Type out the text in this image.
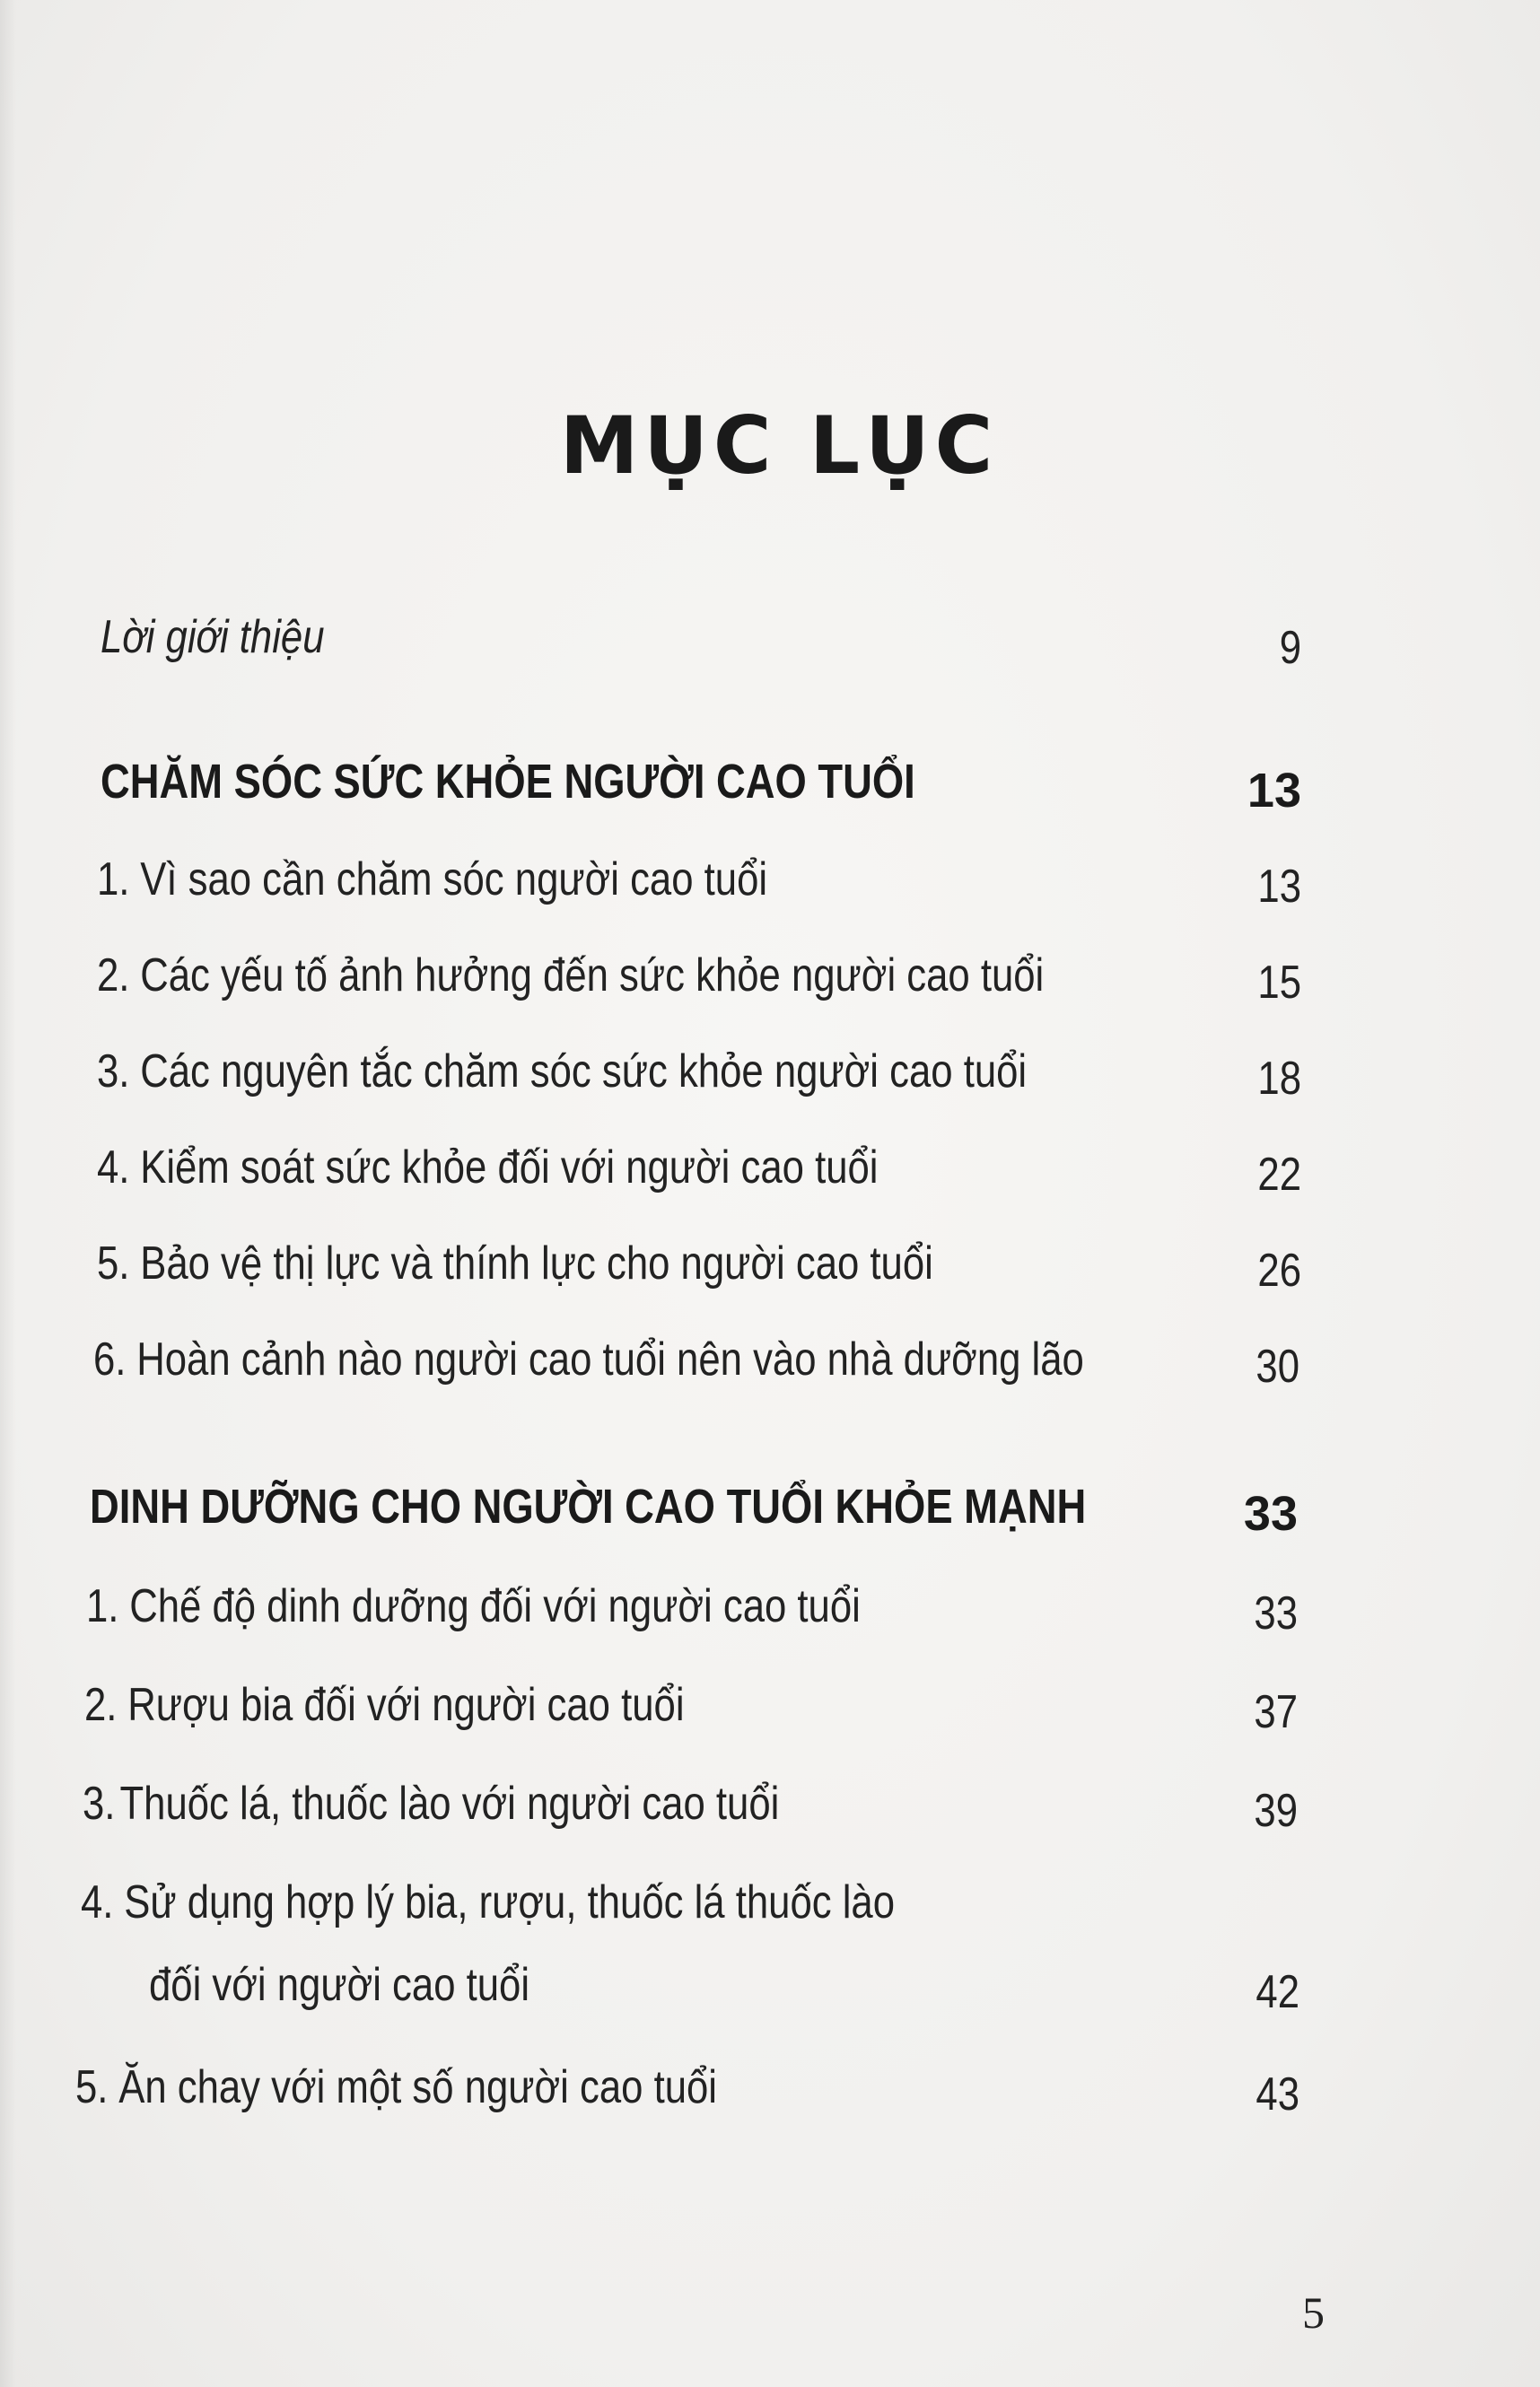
MỤC LỤC
Lời giới thiệu	9
CHĂM SÓC SỨC KHỎE NGƯỜI CAO TUỔI	13
1. Vì sao cần chăm sóc người cao tuổi	13
2. Các yếu tố ảnh hưởng đến sức khỏe người cao tuổi	15
3. Các nguyên tắc chăm sóc sức khỏe người cao tuổi	18
4. Kiểm soát sức khỏe đối với người cao tuổi	22
5. Bảo vệ thị lực và thính lực cho người cao tuổi	26
6. Hoàn cảnh nào người cao tuổi nên vào nhà dưỡng lão	30
DINH DƯỠNG CHO NGƯỜI CAO TUỔI KHỎE MẠNH	33
1. Chế độ dinh dưỡng đối với người cao tuổi	33
2. Rượu bia đối với người cao tuổi	37
3.Thuốc lá, thuốc lào với người cao tuổi	39
4. Sử dụng hợp lý bia, rượu, thuốc lá thuốc lào
đối với người cao tuổi	42
5. Ăn chay với một số người cao tuổi	43
5
